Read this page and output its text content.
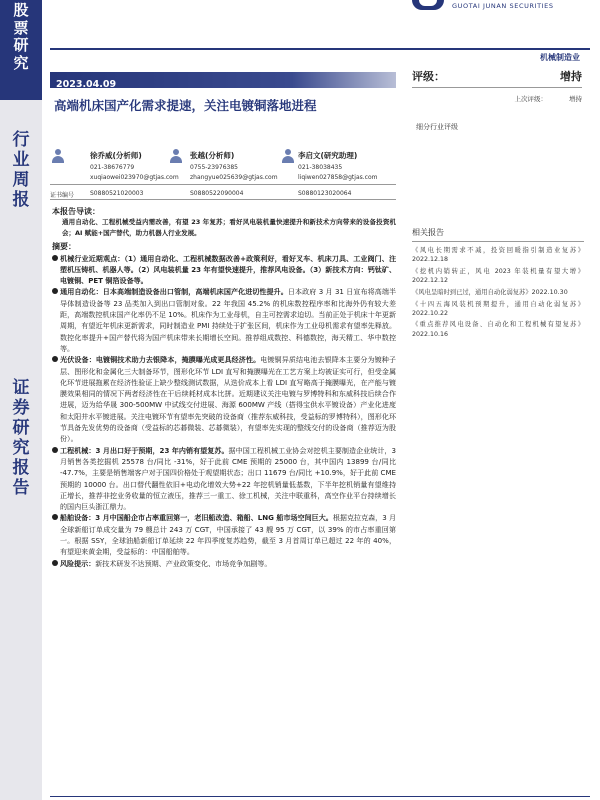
股
票
研
究
行
业
周
报
证
券
研
究
报
告
GUOTAI JUNAN SECURITIES
机械制造业
2023.04.09
高端机床国产化需求提速，关注电镀铜落地进程
徐乔威(分析师)
021-38676779
xuqiaowei023970@gtjas.com
S0880521020003
张越(分析师)
0755-23976385
zhangyue025639@gtjas.com
S0880522090004
李启文(研究助理)
021-38038435
liqiwen027858@gtjas.com
S0880123020064
证书编号
评级：	增持
上次评级：	增持
细分行业评级
相关报告
《风电长期需求不减，投资回暖指引制造业复苏》2022.12.18
《挖机内销转正，风电 2023 年装机量有望大增》2022.12.12
《风电呈暗时到已过，通用自动化弱复苏》2022.10.30
《十四五海风装机预期提升，通用自动化弱复苏》2022.10.22
《重点推荐风电设备、自动化和工程机械有望复苏》2022.10.16
本报告导读：
通用自动化、工程机械受益内需改善，有望 23 年复苏；看好风电装机量快速提升和新技术方向带来的设备投资机会；AI 赋能+国产替代，助力机器人行业发展。
摘要：

机械行业近期观点：（1）通用自动化、工程机械数据改善+政策利好，看好叉车、机床刀具、工业阀门、注塑机压铸机、机器人等。（2）风电装机量 23 年有望快速提升，推荐风电设备。（3）新技术方向：钙钛矿、电镀铜、PET 铜箔设备等。

通用自动化：日本高端制造设备出口管制，高端机床国产化进切性提升。日本政府 3 月 31 日宣布将高端半导体制造设备等 23 品类加入到出口管制对象。22 年我国 45.2% 的机床数控程序率和比海外仍有较大差距，高端数控机床国产化率仍不足 10%。机床作为工业母机，自主可控需求迫切。当前正处于机床十年更新周期，有望近年机床更新需求，同时制造业 PMI 持续处于扩张区间，机床作为工业母机需求有望率先释放。数控化率提升+国产替代将为国产机床带来长期增长空间。推荐组成数控、科德数控，海天精工、华中数控等。

光伏设备：电镀铜技术助力去银降本，掩膜曝光成更具经济性。电镀铜异质结电池去银降本主要分为镀种子层、图形化和金属化三大制备环节，图形化环节 LDI 直写和掩膜曝光在工艺方案上均被证实可行，但受金属化环节进展拖累在经济性验证上缺少整线测试数据，从迭价成本上看 LDI 直写略高于掩膜曝光，在产能与镀膜效果相同的情况下两者经济性在干后续耗材成本比拼。近期建议关注电镀与罗博特科和东威科技后续合作进展，迈为给华晟 300-500MW 中试线交付进展、海源 600MW 产线（搭得宝供水平镀设备）产业化进度和太阳井水平镀进展。关注电镀环节有望率先突破的设备商（推荐东威科技，受益标的罗博特科），图形化环节具备先发优势的设备商（受益标的芯碁微装、芯碁微装），有望率先实现的整线交付的设备商（推荐迈为股份）。

工程机械：3 月出口好于预期，23 年内销有望复苏。据中国工程机械工业协会对挖机主要制造企业统计，3 月销售各类挖掘机 25578 台/同比 -31%，好于此前 CME 预期的 25000 台，其中国内 13899 台/同比 -47.7%，主要是销售端客户对于国四价格处于观望期状态；出口 11679 台/同比 +10.9%，好于此前 CME 预期的 10000 台。出口替代翻性依旧+电动化增效大势+22 年挖机销量低基数，下半年挖机销量有望维持正增长，推荐非挖业务收量的恒立液压，推荐三一重工、徐工机械，关注中联重科，高空作业平台持续增长的国内巨头浙江鼎力。

船舶设备：3 月中国船企市占率重回第一，老旧船改造、箱船、LNG 船市场空间巨大。根据克拉克森，3 月全球新船订单成交量为 79 艘总计 243 万 CGT，中国承接了 43 艘 95 万 CGT，以 39% 的市占率重回第一。根据 SSY，全球油船新船订单延续 22 年四季度复苏趋势，截至 3 月首周订单已超过 22 年的 40%，有望迎来黄金期，受益标的：中国船舶等。

风险提示：新技术研发不达预期、产业政策变化、市场竞争加剧等。
